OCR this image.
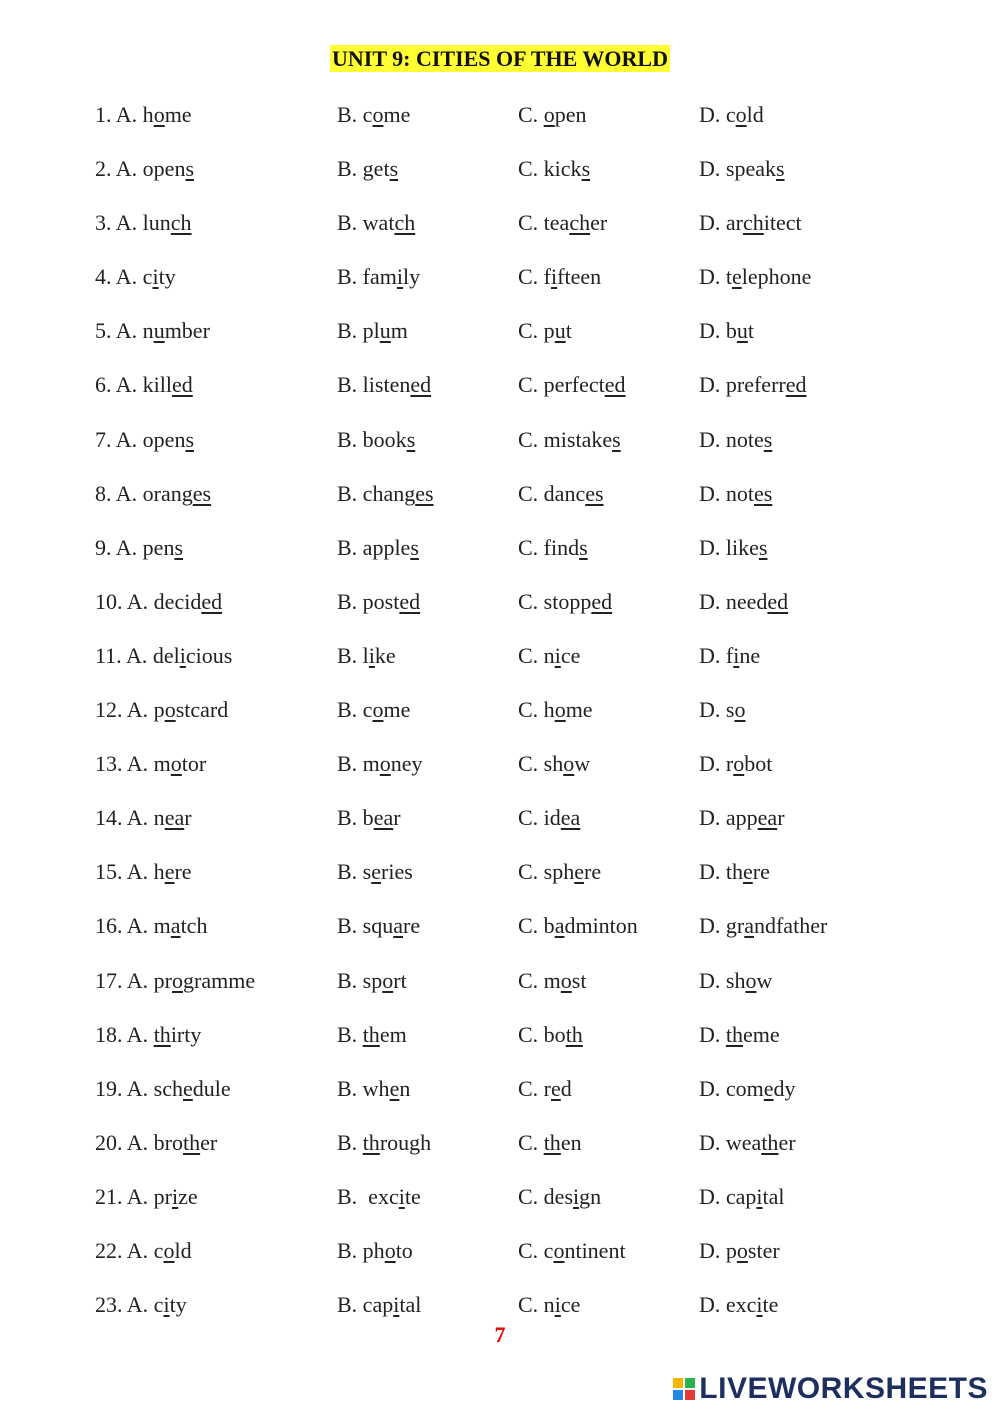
UNIT 9: CITIES OF THE WORLD
1. A. home	B. come	C. open	D. cold
2. A. opens	B. gets	C. kicks	D. speaks
3. A. lunch	B. watch	C. teacher	D. architect
4. A. city	B. family	C. fifteen	D. telephone
5. A. number	B. plum	C. put	D. but
6. A. killed	B. listened	C. perfected	D. preferred
7. A. opens	B. books	C. mistakes	D. notes
8. A. oranges	B. changes	C. dances	D. notes
9. A. pens	B. apples	C. finds	D. likes
10. A. decided	B. posted	C. stopped	D. needed
11. A. delicious	B. like	C. nice	D. fine
12. A. postcard	B. come	C. home	D. so
13. A. motor	B. money	C. show	D. robot
14. A. near	B. bear	C. idea	D. appear
15. A. here	B. series	C. sphere	D. there
16. A. match	B. square	C. badminton	D. grandfather
17. A. programme	B. sport	C. most	D. show
18. A. thirty	B. them	C. both	D. theme
19. A. schedule	B. when	C. red	D. comedy
20. A. brother	B. through	C. then	D. weather
21. A. prize	B.  excite	C. design	D. capital
22. A. cold	B. photo	C. continent	D. poster
23. A. city	B. capital	C. nice	D. excite
7
LIVEWORKSHEETS
